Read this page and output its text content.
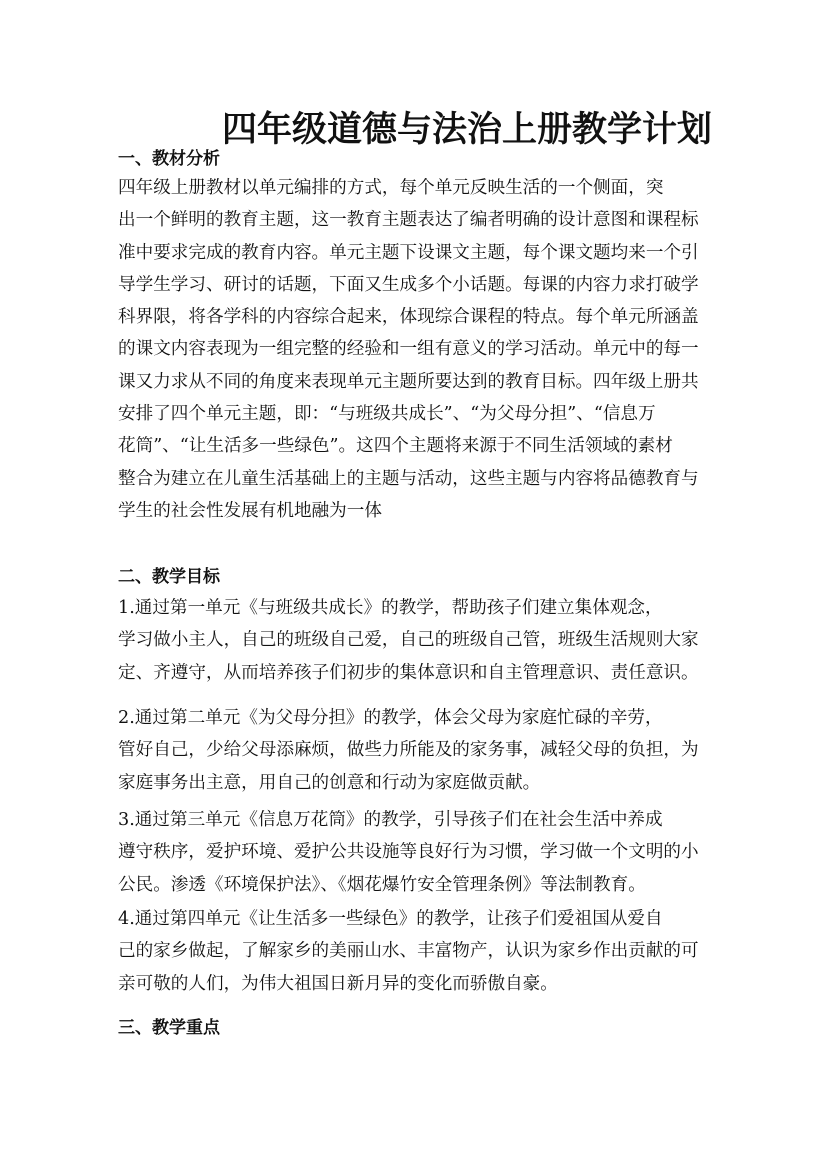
四年级道德与法治上册教学计划
一、教材分析
四年级上册教材以单元编排的方式，每个单元反映生活的一个侧面，突
出一个鲜明的教育主题，这一教育主题表达了编者明确的设计意图和课程标
准中要求完成的教育内容。单元主题下设课文主题，每个课文题均来一个引
导学生学习、研讨的话题，下面又生成多个小话题。每课的内容力求打破学
科界限，将各学科的内容综合起来，体现综合课程的特点。每个单元所涵盖
的课文内容表现为一组完整的经验和一组有意义的学习活动。单元中的每一
课又力求从不同的角度来表现单元主题所要达到的教育目标。四年级上册共
安排了四个单元主题，即：“与班级共成长”、“为父母分担”、“信息万
花筒”、“让生活多一些绿色”。这四个主题将来源于不同生活领域的素材
整合为建立在儿童生活基础上的主题与活动，这些主题与内容将品德教育与
学生的社会性发展有机地融为一体
二、教学目标
1.通过第一单元《与班级共成长》的教学，帮助孩子们建立集体观念，
学习做小主人，自己的班级自己爱，自己的班级自己管，班级生活规则大家
定、齐遵守，从而培养孩子们初步的集体意识和自主管理意识、责任意识。
2.通过第二单元《为父母分担》的教学，体会父母为家庭忙碌的辛劳，
管好自己，少给父母添麻烦，做些力所能及的家务事，减轻父母的负担，为
家庭事务出主意，用自己的创意和行动为家庭做贡献。
3.通过第三单元《信息万花筒》的教学，引导孩子们在社会生活中养成
遵守秩序，爱护环境、爱护公共设施等良好行为习惯，学习做一个文明的小
公民。渗透《环境保护法》、《烟花爆竹安全管理条例》等法制教育。
4.通过第四单元《让生活多一些绿色》的教学，让孩子们爱祖国从爱自
己的家乡做起，了解家乡的美丽山水、丰富物产，认识为家乡作出贡献的可
亲可敬的人们，为伟大祖国日新月异的变化而骄傲自豪。
三、教学重点
